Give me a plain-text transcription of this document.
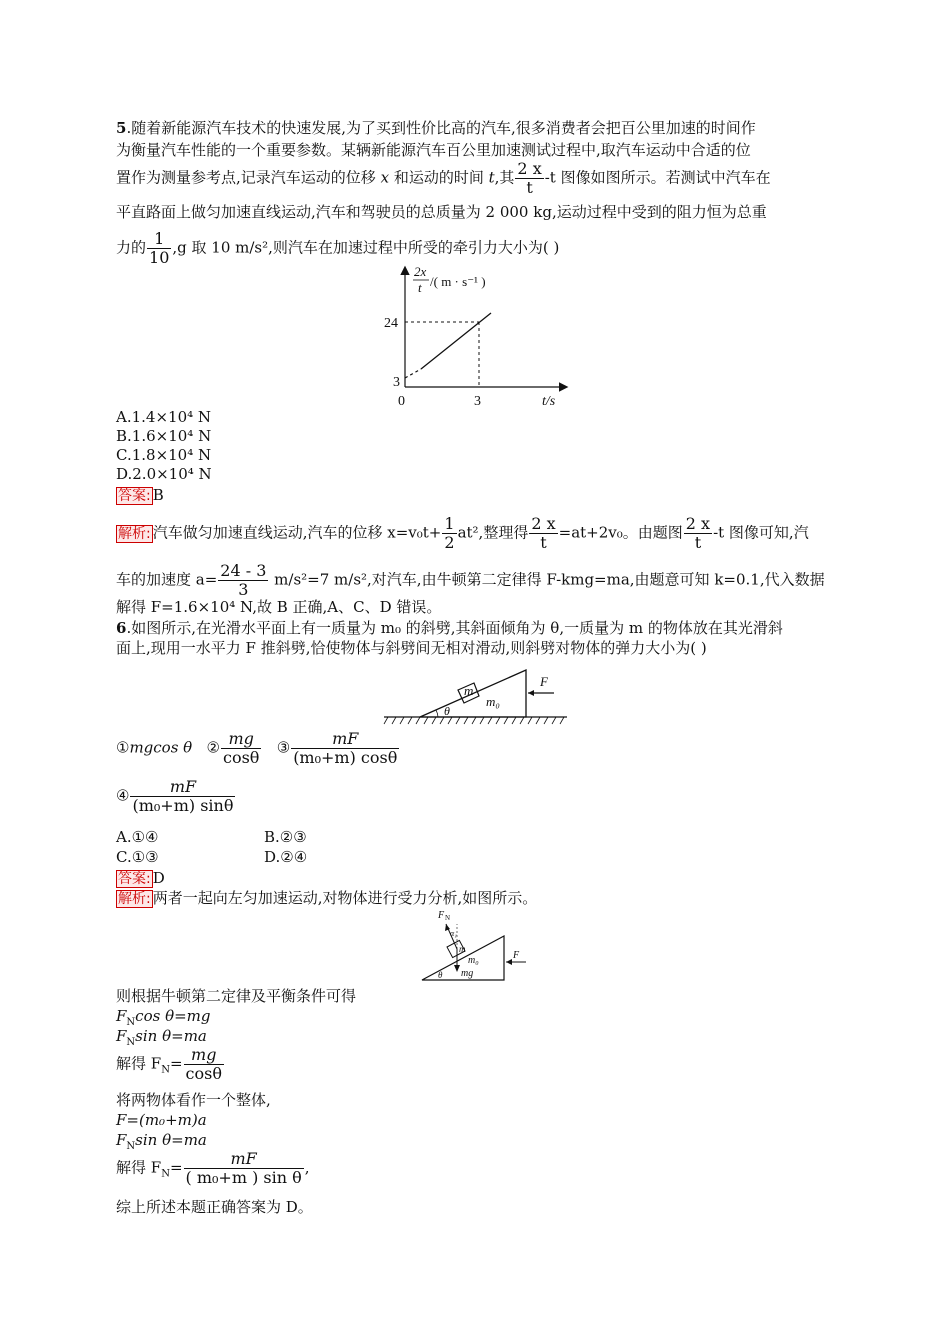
5.随着新能源汽车技术的快速发展,为了买到性价比高的汽车,很多消费者会把百公里加速的时间作
为衡量汽车性能的一个重要参数。某辆新能源汽车百公里加速测试过程中,取汽车运动中合适的位
置作为测量参考点,记录汽车运动的位移 x 和运动的时间 t,其 $\frac{2 x}{t} -t$ 图像如图所示。若测试中汽车在
平直路面上做匀加速直线运动,汽车和驾驶员的总质量为 2 000 kg,运动过程中受到的阻力恒为总重
力的 $\frac{1}{10} ,g$ 取 10 m/s²,则汽车在加速过程中所受的牵引力大小为( )
2x
t /( m · s⁻¹ )
24
3
0	3	t/s
A.1.4×10⁴ N
B.1.6×10⁴ N
C.1.8×10⁴ N
D.2.0×10⁴ N
答案: B
解析: 汽车做匀加速直线运动,汽车的位移 $x=v_0t+ \frac{1}{2} at^2$,整理得 $\frac{2 x}{t} =at+2v_0$。由题图 $\frac{2 x}{t} -t$ 图像可知,汽
车的加速度 $a= \frac{24 - 3}{3} m/s^2=7$ m/s²,对汽车,由牛顿第二定律得 F-kmg=ma,由题意可知 k=0.1,代入数据
解得 F=1.6×10⁴ N,故 B 正确,A、C、D 错误。
6.如图所示,在光滑水平面上有一质量为 m₀ 的斜劈,其斜面倾角为 θ,一质量为 m 的物体放在其光滑斜
面上,现用一水平力 F 推斜劈,恰使物体与斜劈间无相对滑动,则斜劈对物体的弹力大小为( )
m
m₀
F
θ
①mgcos θ ② $\frac{mg}{\cos\theta}$ ③ $\frac{mF}{\text{(m₀+m) cosθ}}$
④ $\frac{mF}{\text{(m₀+m) sinθ}}$
A.①④	B.②③
C.①③	D.②④
答案: D
解析: 两者一起向左匀加速运动,对物体进行受力分析,如图所示。
F N
α₁
m
m₀
mg
F
θ
则根据牛顿第二定律及平衡条件可得
$F_N\cos$ θ=mg
$F_N\sin$ θ=ma
解得 $F_N= \frac{mg}{\cos\theta}$
将两物体看作一个整体,
F=(m₀+m)a
$F_N\sin$ θ=ma
解得 $F_N= \frac{mF}{\text{( m₀+m ) sin θ}}$ ,
综上所述本题正确答案为 D。
